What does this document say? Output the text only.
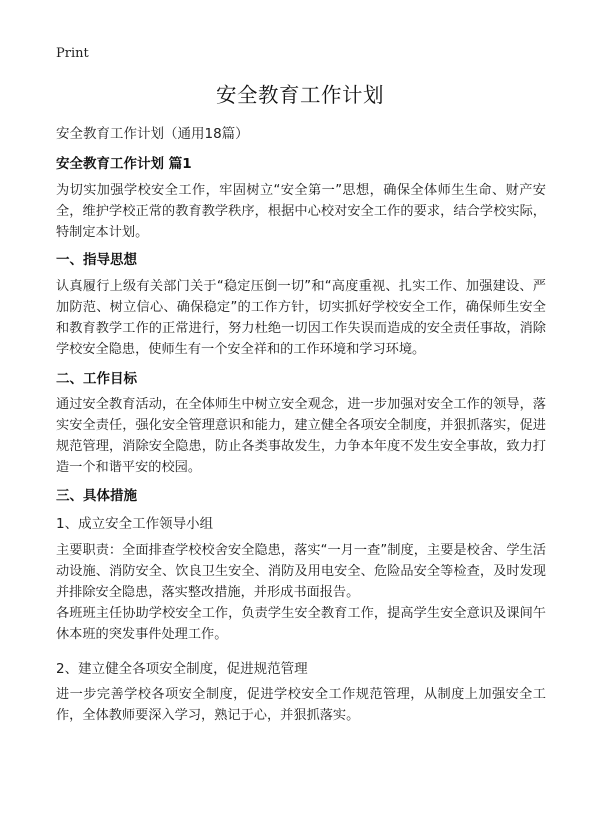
Print
安全教育工作计划

安全教育工作计划（通用18篇）

安全教育工作计划 篇1

为切实加强学校安全工作，牢固树立“安全第一”思想，确保全体师生生命、财产安全，维护学校正常的教育教学秩序，根据中心校对安全工作的要求，结合学校实际，特制定本计划。

一、指导思想

认真履行上级有关部门关于“稳定压倒一切”和“高度重视、扎实工作、加强建设、严加防范、树立信心、确保稳定”的工作方针，切实抓好学校安全工作，确保师生安全和教育教学工作的正常进行，努力杜绝一切因工作失误而造成的安全责任事故，消除学校安全隐患，使师生有一个安全祥和的工作环境和学习环境。

二、工作目标

通过安全教育活动，在全体师生中树立安全观念，进一步加强对安全工作的领导，落实安全责任，强化安全管理意识和能力，建立健全各项安全制度，并狠抓落实，促进规范管理，消除安全隐患，防止各类事故发生，力争本年度不发生安全事故，致力打造一个和谐平安的校园。

三、具体措施

1、成立安全工作领导小组

主要职责：全面排查学校校舍安全隐患，落实“一月一查”制度，主要是校舍、学生活动设施、消防安全、饮良卫生安全、消防及用电安全、危险品安全等检查，及时发现并排除安全隐患，落实整改措施，并形成书面报告。

各班班主任协助学校安全工作，负责学生安全教育工作，提高学生安全意识及课间午休本班的突发事件处理工作。

2、建立健全各项安全制度，促进规范管理

进一步完善学校各项安全制度，促进学校安全工作规范管理，从制度上加强安全工作，全体教师要深入学习，熟记于心，并狠抓落实。
